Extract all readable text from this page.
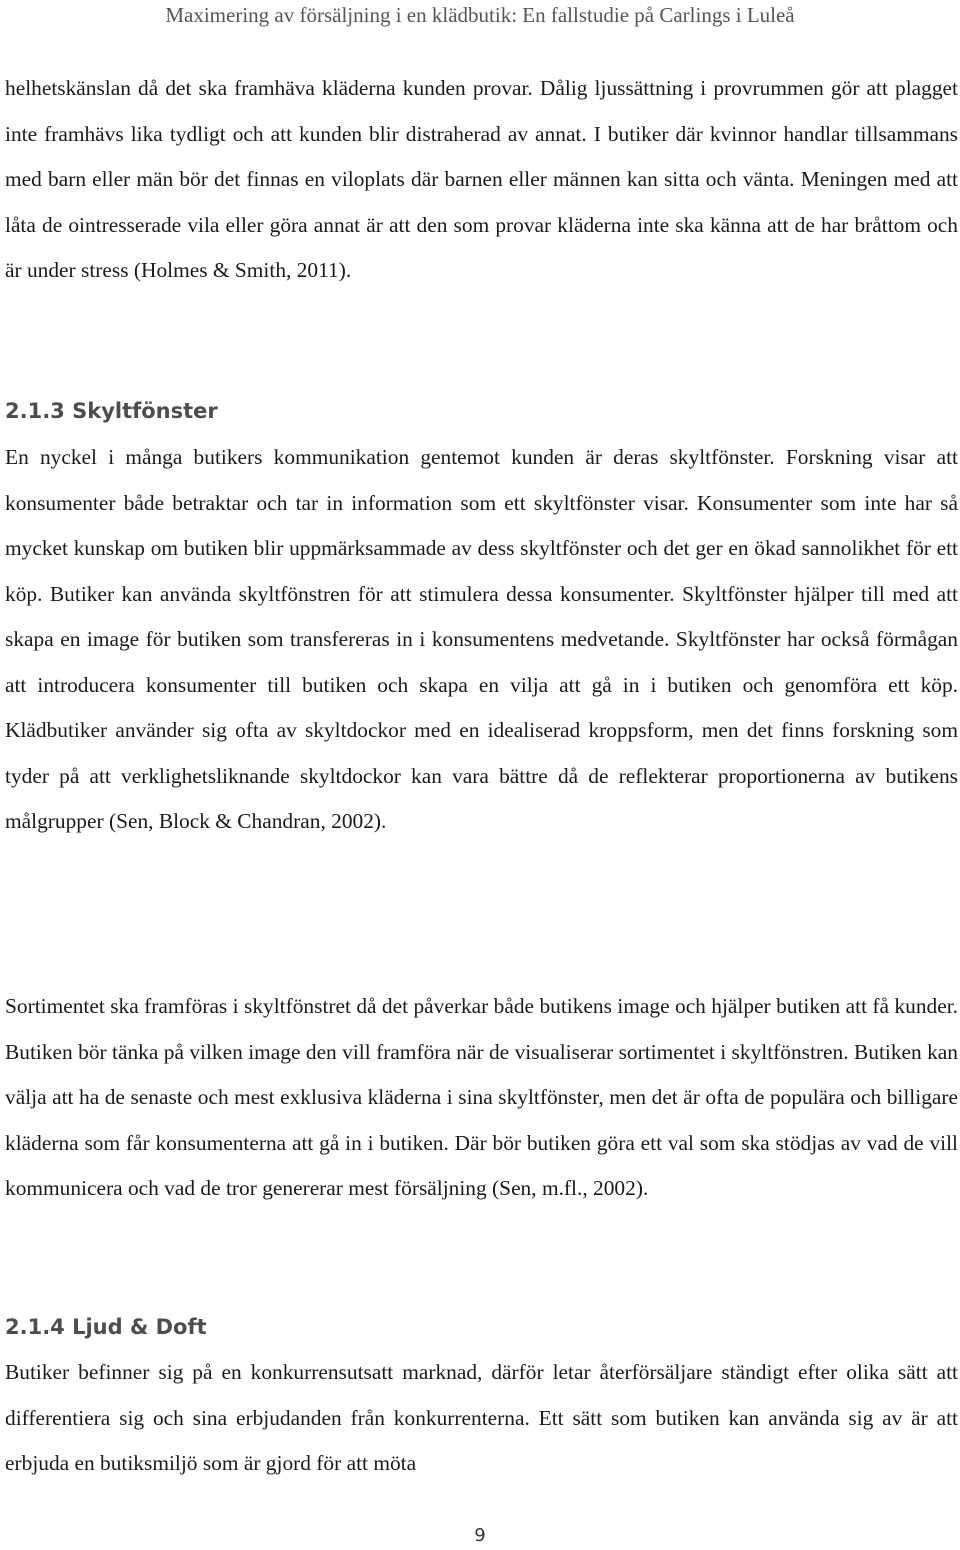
Maximering av försäljning i en klädbutik: En fallstudie på Carlings i Luleå

helhetskänslan då det ska framhäva kläderna kunden provar. Dålig ljussättning i provrummen gör att plagget inte framhävs lika tydligt och att kunden blir distraherad av annat. I butiker där kvinnor handlar tillsammans med barn eller män bör det finnas en viloplats där barnen eller männen kan sitta och vänta. Meningen med att låta de ointresserade vila eller göra annat är att den som provar kläderna inte ska känna att de har bråttom och är under stress (Holmes & Smith, 2011).

2.1.3 Skyltfönster

En nyckel i många butikers kommunikation gentemot kunden är deras skyltfönster. Forskning visar att konsumenter både betraktar och tar in information som ett skyltfönster visar. Konsumenter som inte har så mycket kunskap om butiken blir uppmärksammade av dess skyltfönster och det ger en ökad sannolikhet för ett köp. Butiker kan använda skyltfönstren för att stimulera dessa konsumenter. Skyltfönster hjälper till med att skapa en image för butiken som transfereras in i konsumentens medvetande. Skyltfönster har också förmågan att introducera konsumenter till butiken och skapa en vilja att gå in i butiken och genomföra ett köp. Klädbutiker använder sig ofta av skyltdockor med en idealiserad kroppsform, men det finns forskning som tyder på att verklighetsliknande skyltdockor kan vara bättre då de reflekterar proportionerna av butikens målgrupper (Sen, Block & Chandran, 2002).

Sortimentet ska framföras i skyltfönstret då det påverkar både butikens image och hjälper butiken att få kunder. Butiken bör tänka på vilken image den vill framföra när de visualiserar sortimentet i skyltfönstren. Butiken kan välja att ha de senaste och mest exklusiva kläderna i sina skyltfönster, men det är ofta de populära och billigare kläderna som får konsumenterna att gå in i butiken. Där bör butiken göra ett val som ska stödjas av vad de vill kommunicera och vad de tror genererar mest försäljning (Sen, m.fl., 2002).

2.1.4 Ljud & Doft

Butiker befinner sig på en konkurrensutsatt marknad, därför letar återförsäljare ständigt efter olika sätt att differentiera sig och sina erbjudanden från konkurrenterna. Ett sätt som butiken kan använda sig av är att erbjuda en butiksmiljö som är gjord för att möta

9
